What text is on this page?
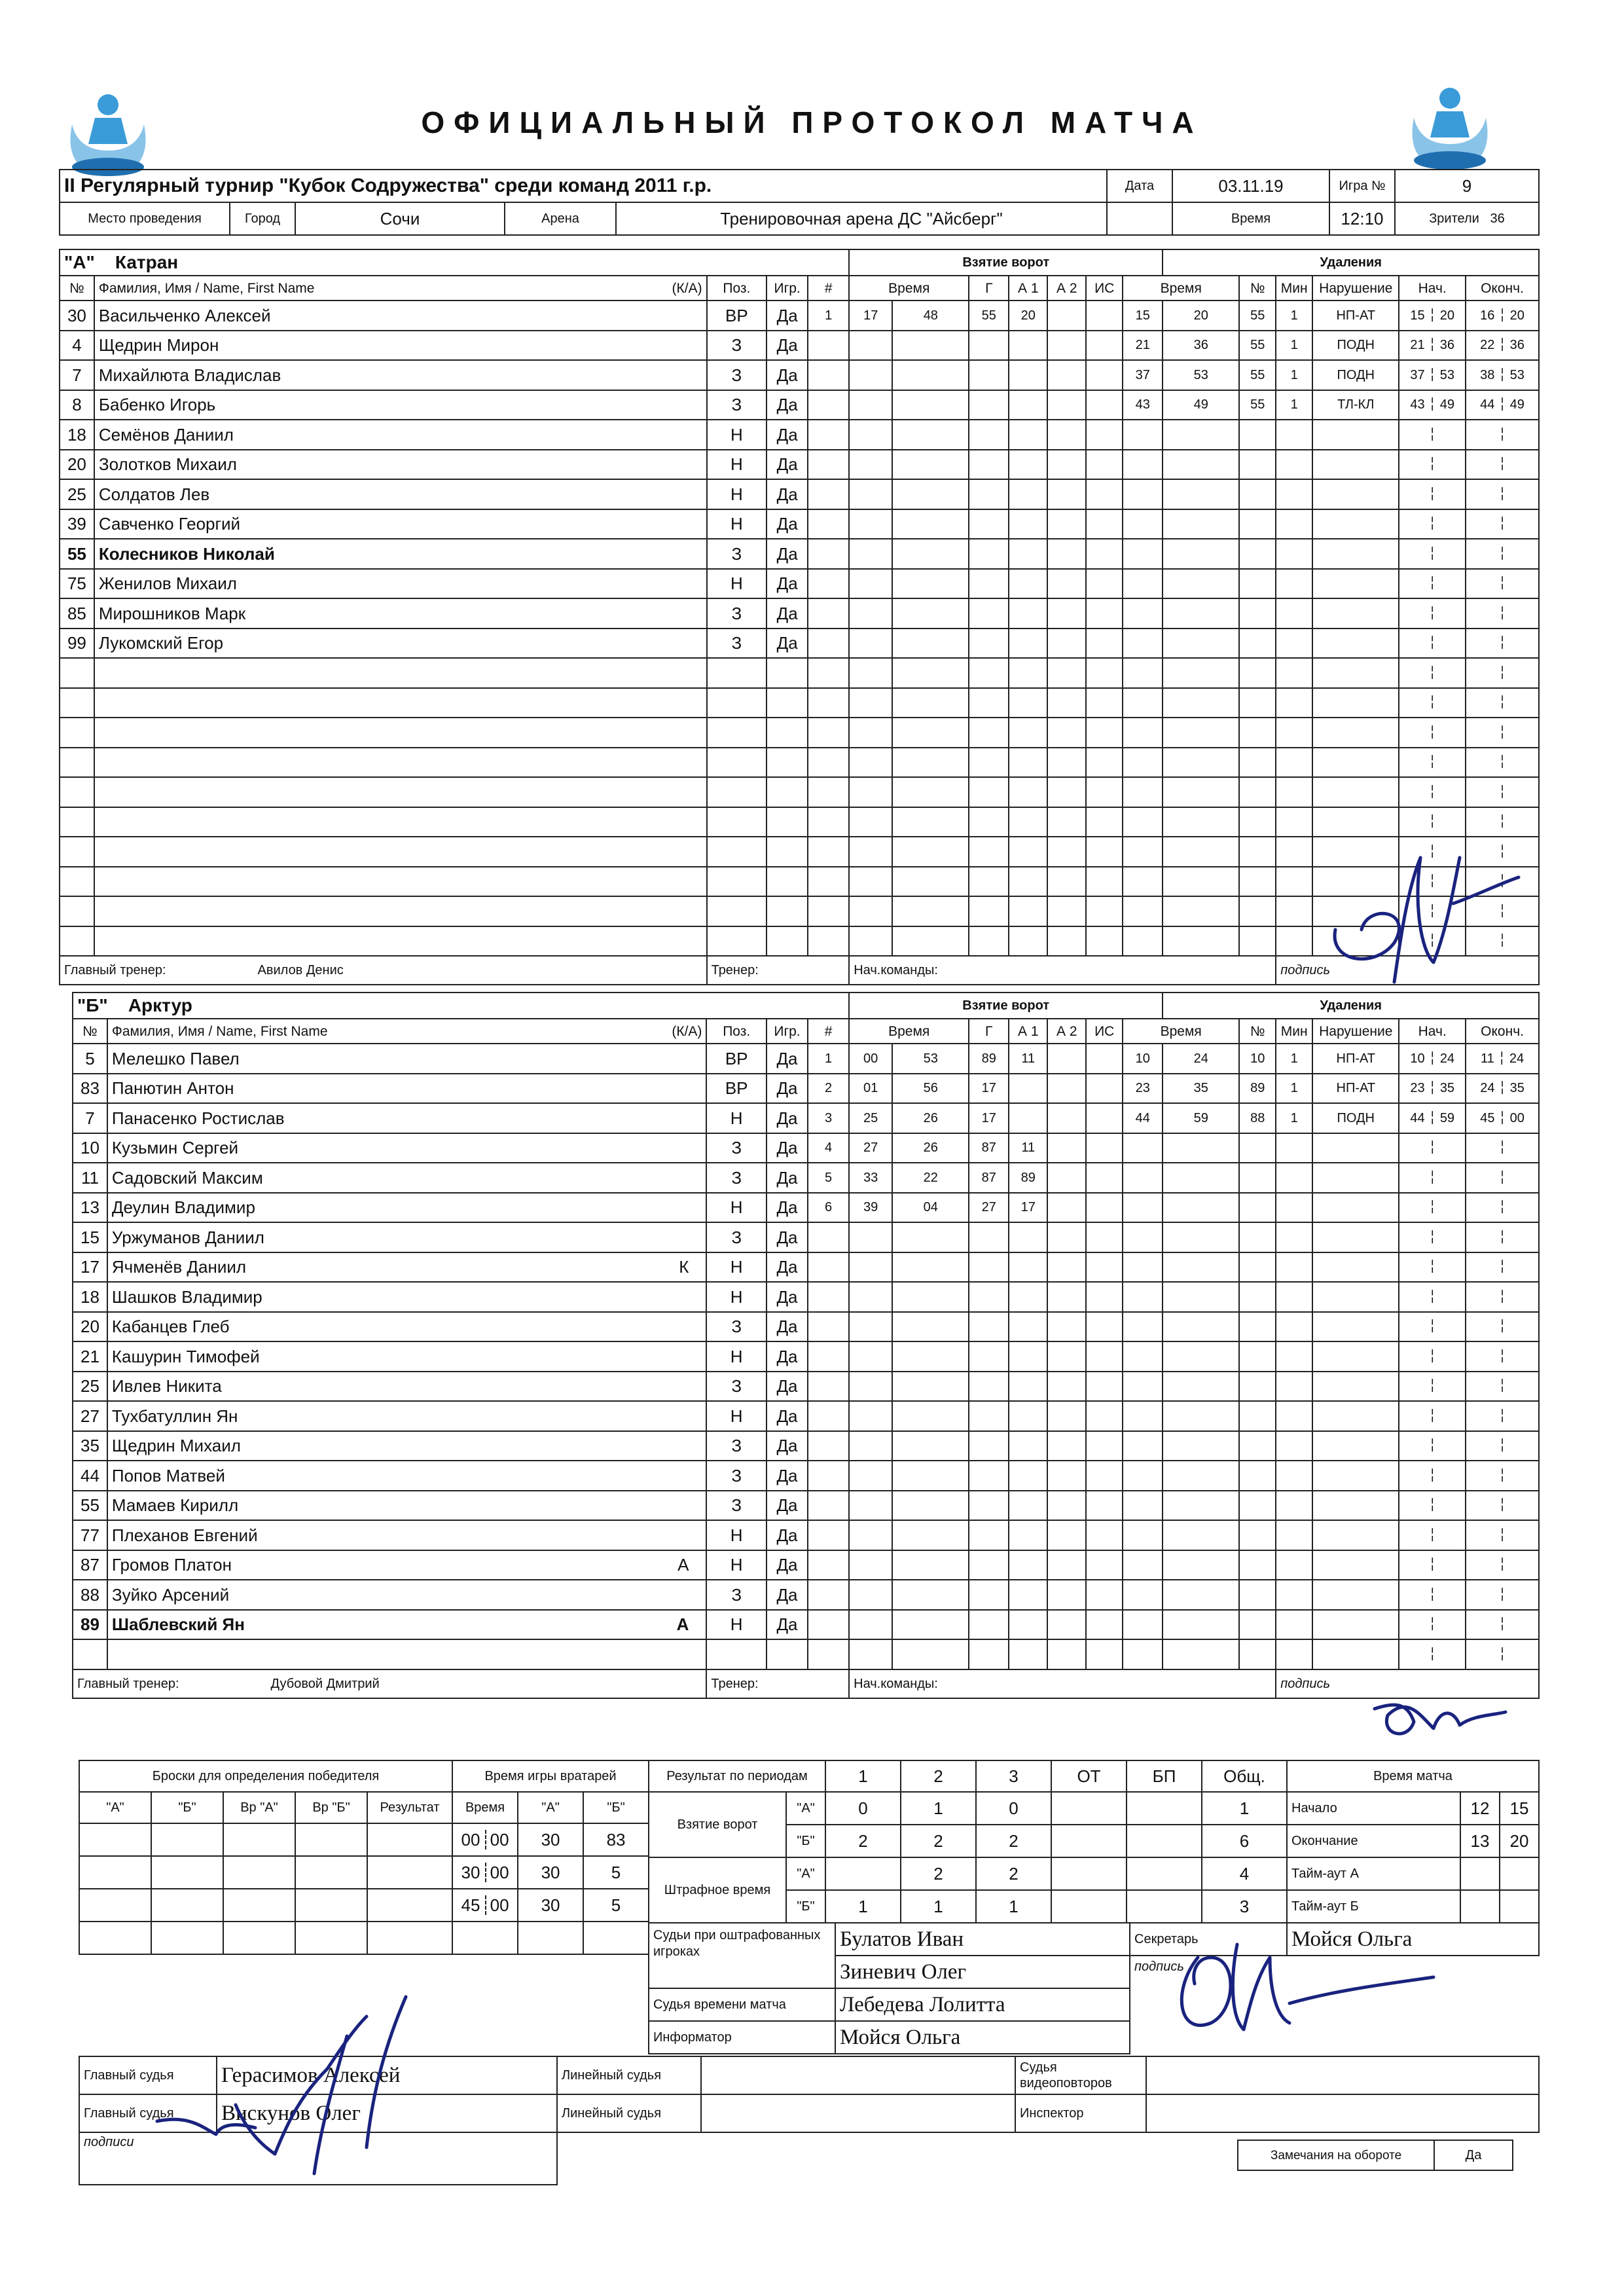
ОФИЦИАЛЬНЫЙ ПРОТОКОЛ МАТЧА
II Регулярный турнир "Кубок Содружества" среди команд 2011 г.р.	Дата	03.11.19	Игра №	9
Место проведения	Город	Сочи	Арена	Тренировочная арена ДС "Айсберг"		Время	12:10	Зрители 36
"А" Катран					Взятие ворот							Удаления					
№	Фамилия, Имя / Name, First Name (К/А)	Поз.	Игр.	#	Время		Г	А 1	А 2	ИС	Время		№	Мин	Нарушение	Нач.	Оконч.
30	Васильченко Алексей	ВР	Да	1	17	48	55	20			15	20	55	1	НП-АТ	15 ╎ 20	16 ╎ 20
4	Щедрин Мирон	З	Да								21	36	55	1	ПОДН	21 ╎ 36	22 ╎ 36
7	Михайлюта Владислав	З	Да								37	53	55	1	ПОДН	37 ╎ 53	38 ╎ 53
8	Бабенко Игорь	З	Да								43	49	55	1	ТЛ-КЛ	43 ╎ 49	44 ╎ 49
18	Семёнов Даниил	Н	Да													╎	╎
20	Золотков Михаил	Н	Да													╎	╎
25	Солдатов Лев	Н	Да													╎	╎
39	Савченко Георгий	Н	Да													╎	╎
55	Колесников Николай	З	Да													╎	╎
75	Женилов Михаил	Н	Да													╎	╎
85	Мирошников Марк	З	Да													╎	╎
99	Лукомский Егор	З	Да													╎	╎
																╎	╎
																╎	╎
																╎	╎
																╎	╎
																╎	╎
																╎	╎
																╎	╎
																╎	╎
																╎	╎
																╎	╎
Главный тренер: Авилов Денис		Тренер:			Нач.команды:									подпись			
"Б" Арктур					Взятие ворот							Удаления					
№	Фамилия, Имя / Name, First Name (К/А)	Поз.	Игр.	#	Время		Г	А 1	А 2	ИС	Время		№	Мин	Нарушение	Нач.	Оконч.
5	Мелешко Павел	ВР	Да	1	00	53	89	11			10	24	10	1	НП-АТ	10 ╎ 24	11 ╎ 24
83	Панютин Антон	ВР	Да	2	01	56	17				23	35	89	1	НП-АТ	23 ╎ 35	24 ╎ 35
7	Панасенко Ростислав	Н	Да	3	25	26	17				44	59	88	1	ПОДН	44 ╎ 59	45 ╎ 00
10	Кузьмин Сергей	З	Да	4	27	26	87	11								╎	╎
11	Садовский Максим	З	Да	5	33	22	87	89								╎	╎
13	Деулин Владимир	Н	Да	6	39	04	27	17								╎	╎
15	Уржуманов Даниил	З	Да													╎	╎
17	Ячменёв Даниил К	Н	Да													╎	╎
18	Шашков Владимир	Н	Да													╎	╎
20	Кабанцев Глеб	З	Да													╎	╎
21	Кашурин Тимофей	Н	Да													╎	╎
25	Ивлев Никита	З	Да													╎	╎
27	Тухбатуллин Ян	Н	Да													╎	╎
35	Щедрин Михаил	З	Да													╎	╎
44	Попов Матвей	З	Да													╎	╎
55	Мамаев Кирилл	З	Да													╎	╎
77	Плеханов Евгений	Н	Да													╎	╎
87	Громов Платон А	Н	Да													╎	╎
88	Зуйко Арсений	З	Да													╎	╎
89	Шаблевский Ян А	Н	Да													╎	╎
																╎	╎
Главный тренер: Дубовой Дмитрий		Тренер:			Нач.команды:									подпись			
Броски для определения победителя					Время игры вратарей		
"А"	"Б"	Вр "А"	Вр "Б"	Результат	Время	"А"	"Б"
					00 00	30	83
					30 00	30	5
					45 00	30	5

Результат по периодам		1	2	3	ОТ	БП	Общ.
Взятие ворот	"А"	0	1	0			1
	"Б"	2	2	2			6
Штрафное время	"А"		2	2			4
	"Б"	1	1	1			3
Время матча		
Начало	12	15
Окончание	13	20
Тайм-аут А		
Тайм-аут Б		
Судьи при оштрафованных игроках	Булатов Иван	Секретарь	Мойся Ольга
	Зиневич Олег	подпись	
Судья времени матча	Лебедева Лолитта		
Информатор	Мойся Ольга		
Главный судья	Герасимов Алексей	Линейный судья		Судья видеоповторов	
Главный судья	Вискунов Олег	Линейный судья		Инспектор	
подписи					
Замечания на обороте	Да
